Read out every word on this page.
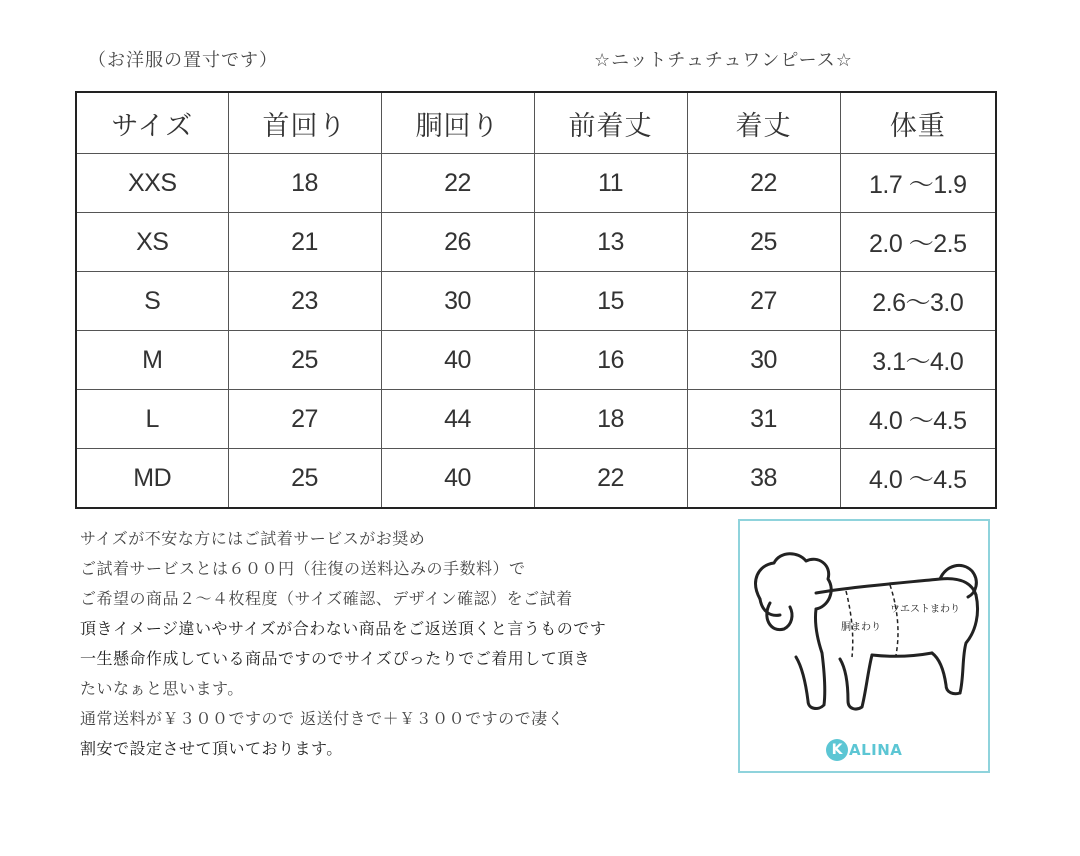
（お洋服の置寸です）	☆ニットチュチュワンピース☆
サイズ	首回り	胴回り	前着丈	着丈	体重
XXS	18	22	11	22	1.7 〜1.9
XS	21	26	13	25	2.0 〜2.5
S	23	30	15	27	2.6〜3.0
M	25	40	16	30	3.1〜4.0
L	27	44	18	31	4.0 〜4.5
MD	25	40	22	38	4.0 〜4.5
サイズが不安な方にはご試着サービスがお奨め
ご試着サービスとは６００円（往復の送料込みの手数料）で
ご希望の商品２〜４枚程度（サイズ確認、デザイン確認）をご試着
頂きイメージ違いやサイズが合わない商品をご返送頂くと言うものです
一生懸命作成している商品ですのでサイズぴったりでご着用して頂き
たいなぁと思います。
通常送料が￥３００ですので 返送付きで＋￥３００ですので凄く
割安で設定させて頂いております。
ウエストまわり
胴まわり
K ALINA
